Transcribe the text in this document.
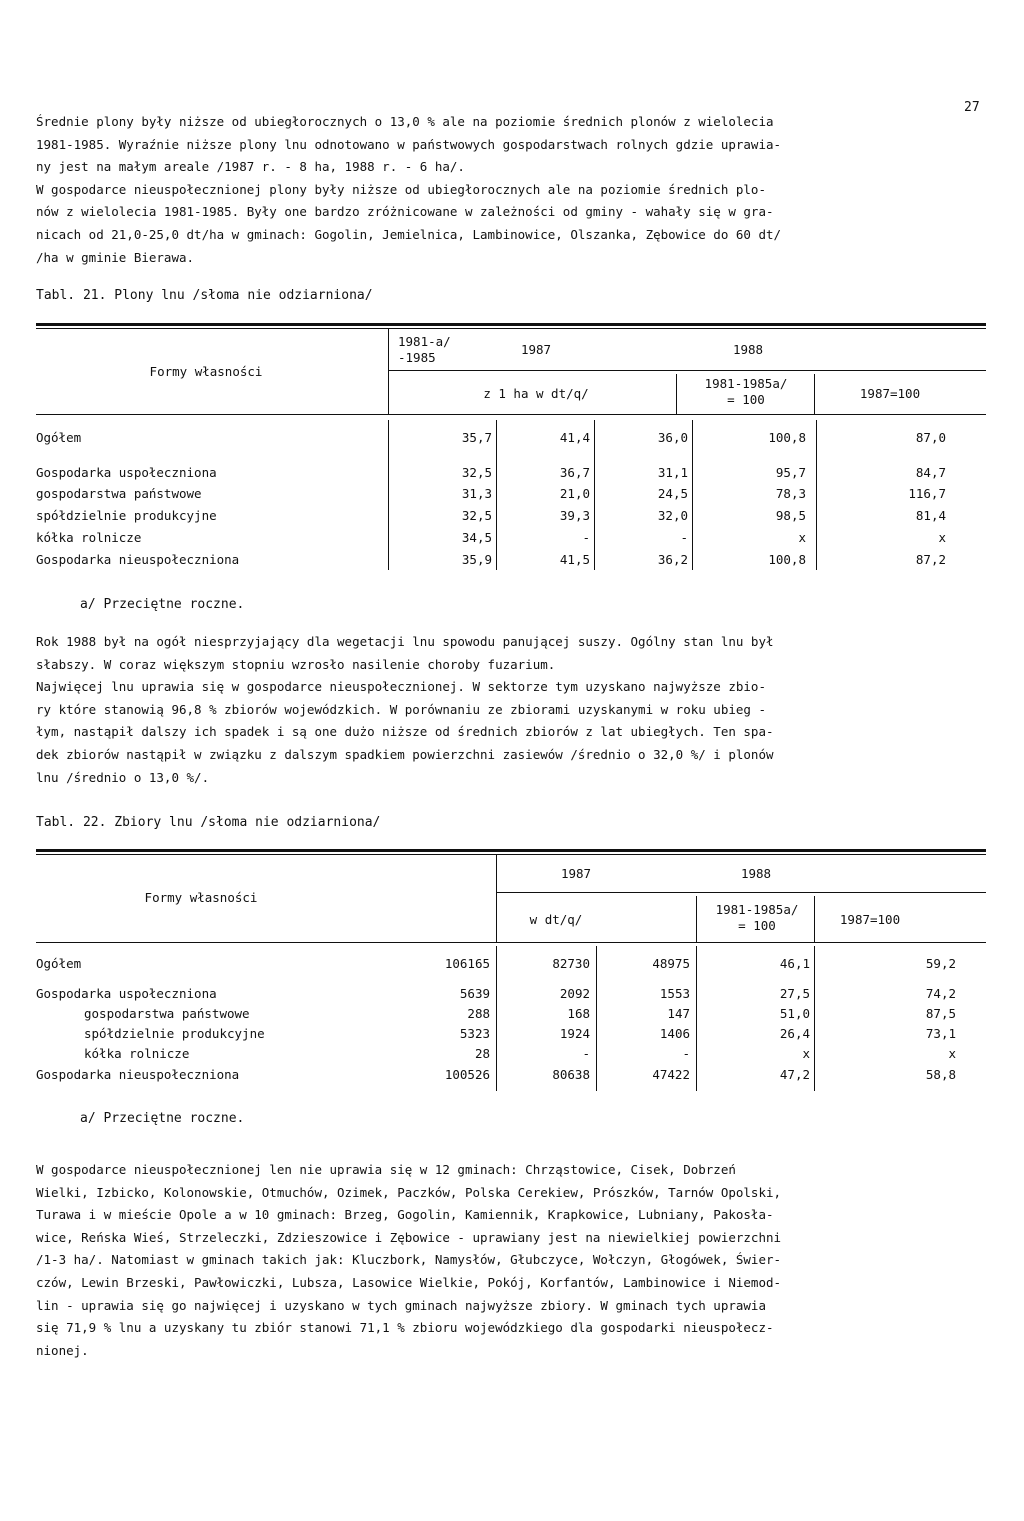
27
Średnie plony były niższe od ubiegłorocznych o 13,0 % ale na poziomie średnich plonów z wielolecia
1981-1985. Wyraźnie niższe plony lnu odnotowano w państwowych gospodarstwach rolnych gdzie uprawia-
ny jest na małym arealе /1987 r. - 8 ha, 1988 r. - 6 ha/.
W gospodarce nieuspołecznionej plony były niższe od ubiegłorocznych ale na poziomie średnich plo-
nów z wielolecia 1981-1985. Były one bardzo zróżnicowane w zależności od gminy - wahały się w gra-
nicach od 21,0-25,0 dt/ha w gminach: Gogolin, Jemielnica, Lambinowice, Olszanka, Zębowice do 60 dt/
/ha w gminie Bierawa.
Tabl. 21. Plony lnu /słoma nie odziarniona/
Formy własności
1981-a/
-1985
1987	1988
z 1 ha w dt/q/
1981-1985a/
= 100	1987=100
Ogółem	35,7	41,4	36,0	100,8	87,0
Gospodarka uspołeczniona	32,5	36,7	31,1	95,7	84,7
gospodarstwa państwowe	31,3	21,0	24,5	78,3	116,7
spółdzielnie produkcyjne	32,5	39,3	32,0	98,5	81,4
kółka rolnicze	34,5	-	-	x	x
Gospodarka nieuspołeczniona	35,9	41,5	36,2	100,8	87,2
a/ Przeciętne roczne.
Rok 1988 był na ogół niesprzyjający dla wegetacji lnu spowodu panującej suszy. Ogólny stan lnu był
słabszy. W coraz większym stopniu wzrosło nasilenie choroby fuzarium.
Najwięcej lnu uprawia się w gospodarce nieuspołecznionej. W sektorze tym uzyskano najwyższe zbio-
ry które stanowią 96,8 % zbiorów wojewódzkich. W porównaniu ze zbiorami uzyskanymi w roku ubieg -
łym, nastąpił dalszy ich spadek i są one dużo niższe od średnich zbiorów z lat ubiegłych. Ten spa-
dek zbiorów nastąpił w związku z dalszym spadkiem powierzchni zasiewów /średnio o 32,0 %/ i plonów
lnu /średnio o 13,0 %/.
Tabl. 22. Zbiory lnu /słoma nie odziarniona/
Formy własności
1987	1988
w dt/q/
1981-1985a/
= 100	1987=100
Ogółem	106165	82730	48975	46,1	59,2
Gospodarka uspołeczniona	5639	2092	1553	27,5	74,2
gospodarstwa państwowe	288	168	147	51,0	87,5
spółdzielnie produkcyjne	5323	1924	1406	26,4	73,1
kółka rolnicze	28	-	-	x	x
Gospodarka nieuspołeczniona	100526	80638	47422	47,2	58,8
a/ Przeciętne roczne.
W gospodarce nieuspołecznionej len nie uprawia się w 12 gminach: Chrząstowice, Cisek, Dobrzeń
Wielki, Izbicko, Kolonowskie, Otmuchów, Ozimek, Paczków, Polska Cerekiew, Prószków, Tarnów Opolski,
Turawa i w mieście Opole a w 10 gminach: Brzeg, Gogolin, Kamiennik, Krapkowice, Lubniany, Pakosła-
wice, Reńska Wieś, Strzeleczki, Zdzieszowice i Zębowice - uprawiany jest na niewielkiej powierzchni
/1-3 ha/. Natomiast w gminach takich jak: Kluczbork, Namysłów, Głubczyce, Wołczyn, Głogówek, Świer-
czów, Lewin Brzeski, Pawłowiczki, Lubsza, Lasowice Wielkie, Pokój, Korfantów, Lambinowice i Niemod-
lin - uprawia się go najwięcej i uzyskano w tych gminach najwyższe zbiory. W gminach tych uprawia
się 71,9 % lnu a uzyskany tu zbiór stanowi 71,1 % zbioru wojewódzkiego dla gospodarki nieuspołecz-
nionej.
